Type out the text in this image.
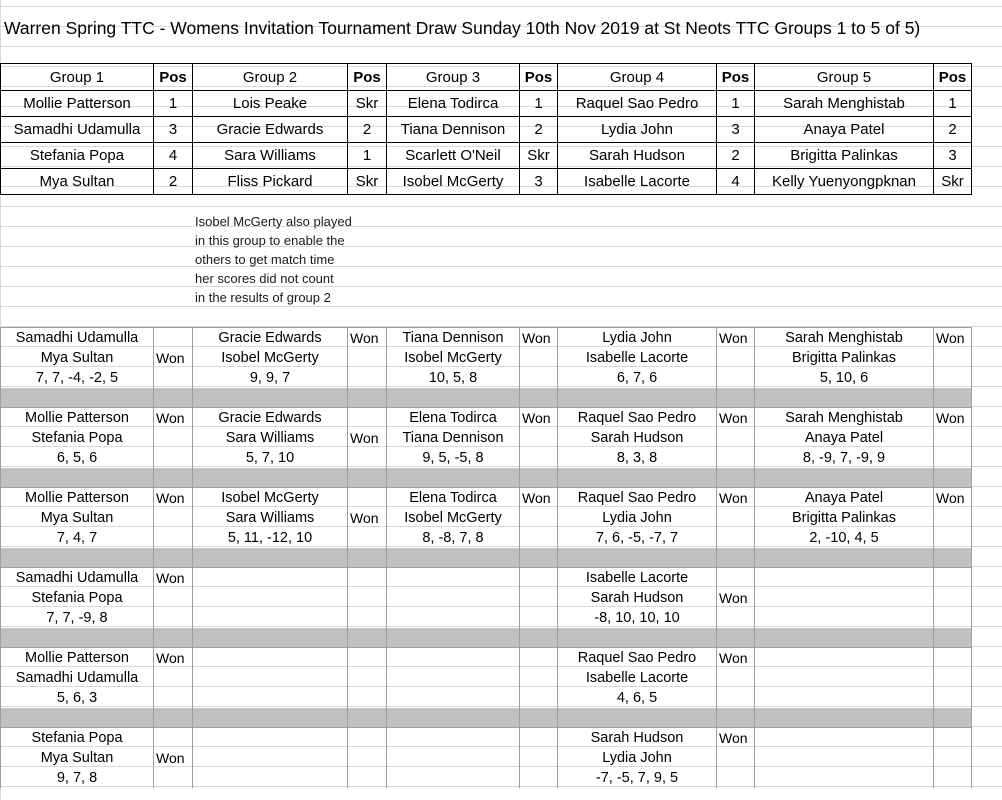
Warren Spring TTC - Womens Invitation Tournament Draw Sunday 10th Nov 2019 at St Neots TTC Groups 1 to 5 of 5)
Group 1	Pos	Group 2	Pos	Group 3	Pos	Group 4	Pos	Group 5	Pos
Mollie Patterson	1	Lois Peake	Skr	Elena Todirca	1	Raquel Sao Pedro	1	Sarah Menghistab	1
Samadhi Udamulla	3	Gracie Edwards	2	Tiana Dennison	2	Lydia John	3	Anaya Patel	2
Stefania Popa	4	Sara Williams	1	Scarlett O'Neil	Skr	Sarah Hudson	2	Brigitta Palinkas	3
Mya Sultan	2	Fliss Pickard	Skr	Isobel McGerty	3	Isabelle Lacorte	4	Kelly Yuenyongpknan	Skr
Isobel McGerty also played
in this group to enable the
others to get match time
her scores did not count
in the results of group 2
Samadhi Udamulla		Gracie Edwards	Won	Tiana Dennison	Won	Lydia John	Won	Sarah Menghistab	Won
Mya Sultan	Won	Isobel McGerty		Isobel McGerty		Isabelle Lacorte		Brigitta Palinkas	
7, 7, -4, -2, 5		9, 9, 7		10, 5, 8		6, 7, 6		5, 10, 6	

Mollie Patterson	Won	Gracie Edwards		Elena Todirca	Won	Raquel Sao Pedro	Won	Sarah Menghistab	Won
Stefania Popa		Sara Williams	Won	Tiana Dennison		Sarah Hudson		Anaya Patel	
6, 5, 6		5, 7, 10		9, 5, -5, 8		8, 3, 8		8, -9, 7, -9, 9	

Mollie Patterson	Won	Isobel McGerty		Elena Todirca	Won	Raquel Sao Pedro	Won	Anaya Patel	Won
Mya Sultan		Sara Williams	Won	Isobel McGerty		Lydia John		Brigitta Palinkas	
7, 4, 7		5, 11, -12, 10		8, -8, 7, 8		7, 6, -5, -7, 7		2, -10, 4, 5	

Samadhi Udamulla	Won					Isabelle Lacorte			
Stefania Popa						Sarah Hudson	Won		
7, 7, -9, 8						-8, 10, 10, 10			

Mollie Patterson	Won					Raquel Sao Pedro	Won		
Samadhi Udamulla						Isabelle Lacorte			
5, 6, 3						4, 6, 5			

Stefania Popa						Sarah Hudson	Won		
Mya Sultan	Won					Lydia John			
9, 7, 8						-7, -5, 7, 9, 5			
